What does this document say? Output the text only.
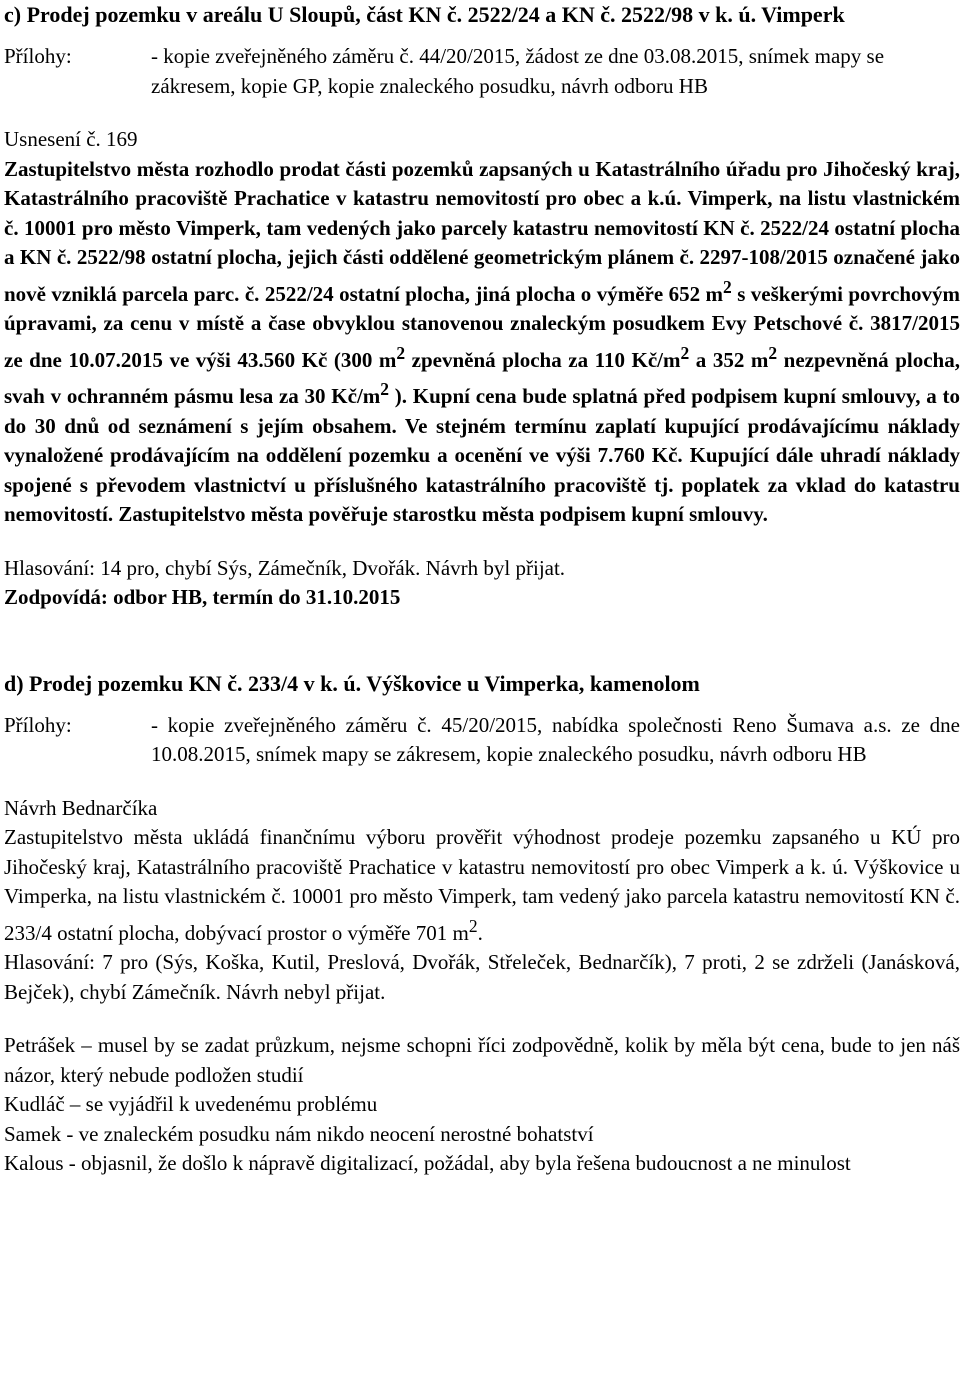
c) Prodej pozemku v areálu U Sloupů, část KN č. 2522/24 a KN č. 2522/98 v k. ú. Vimperk

Přílohy:	- kopie zveřejněného záměru č. 44/20/2015, žádost ze dne 03.08.2015, snímek mapy se zákresem, kopie GP, kopie znaleckého posudku, návrh odboru HB

Usnesení č. 169

Zastupitelstvo města rozhodlo prodat části pozemků zapsaných u Katastrálního úřadu pro Jihočeský kraj, Katastrálního pracoviště Prachatice v katastru nemovitostí pro obec a k.ú. Vimperk, na listu vlastnickém č. 10001 pro město Vimperk, tam vedených jako parcely katastru nemovitostí KN č. 2522/24 ostatní plocha a KN č. 2522/98 ostatní plocha, jejich části oddělené geometrickým plánem č. 2297-108/2015 označené jako nově vzniklá parcela parc. č. 2522/24 ostatní plocha, jiná plocha o výměře 652 $m^2$ s veškerými povrchovým úpravami, za cenu v místě a čase obvyklou stanovenou znaleckým posudkem Evy Petschové č. 3817/2015 ze dne 10.07.2015 ve výši 43.560 Kč (300 $m^2$ zpevněná plocha za 110 $Kč/m^2$ a 352 $m^2$ nezpevněná plocha, svah v ochranném pásmu lesa za 30 $Kč/m^2$ ). Kupní cena bude splatná před podpisem kupní smlouvy, a to do 30 dnů od seznámení s jejím obsahem. Ve stejném termínu zaplatí kupující prodávajícímu náklady vynaložené prodávajícím na oddělení pozemku a ocenění ve výši 7.760 Kč. Kupující dále uhradí náklady spojené s převodem vlastnictví u příslušného katastrálního pracoviště tj. poplatek za vklad do katastru nemovitostí. Zastupitelstvo města pověřuje starostku města podpisem kupní smlouvy.

Hlasování: 14 pro, chybí Sýs, Zámečník, Dvořák. Návrh byl přijat.

Zodpovídá: odbor HB, termín do 31.10.2015

d) Prodej pozemku KN č. 233/4 v k. ú. Výškovice u Vimperka, kamenolom

Přílohy:	- kopie zveřejněného záměru č. 45/20/2015, nabídka společnosti Reno Šumava a.s. ze dne 10.08.2015, snímek mapy se zákresem, kopie znaleckého posudku, návrh odboru HB

Návrh Bednarčíka

Zastupitelstvo města ukládá finančnímu výboru prověřit výhodnost prodeje pozemku zapsaného u KÚ pro Jihočeský kraj, Katastrálního pracoviště Prachatice v katastru nemovitostí pro obec Vimperk a k. ú. Výškovice u Vimperka, na listu vlastnickém č. 10001 pro město Vimperk, tam vedený jako parcela katastru nemovitostí KN č. 233/4 ostatní plocha, dobývací prostor o výměře 701 $m^2$.

Hlasování: 7 pro (Sýs, Koška, Kutil, Preslová, Dvořák, Střeleček, Bednarčík), 7 proti, 2 se zdrželi (Janásková, Bejček), chybí Zámečník. Návrh nebyl přijat.

Petrášek – musel by se zadat průzkum, nejsme schopni říci zodpovědně, kolik by měla být cena, bude to jen náš názor, který nebude podložen studií

Kudláč – se vyjádřil k uvedenému problému

Samek - ve znaleckém posudku nám nikdo neocení nerostné bohatství

Kalous - objasnil, že došlo k nápravě digitalizací, požádal, aby byla řešena budoucnost a ne minulost
